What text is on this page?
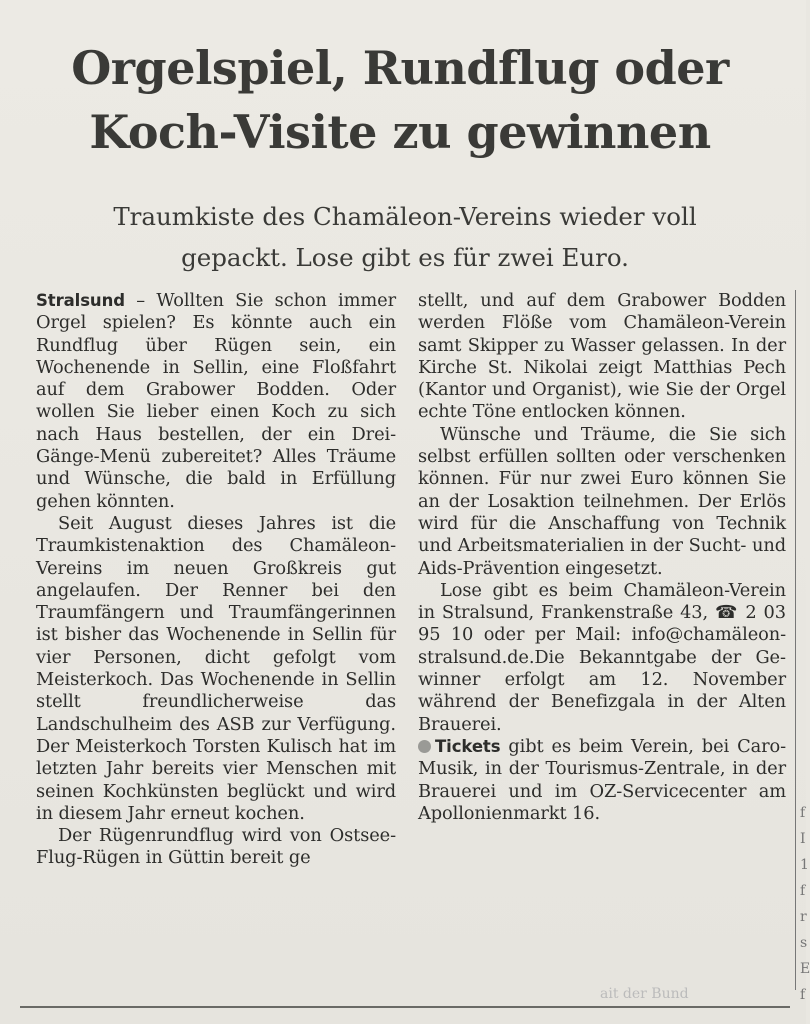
Orgelspiel, Rundflug oder
Koch-Visite zu gewinnen

Traumkiste des Chamäleon-Vereins wieder voll
gepackt. Lose gibt es für zwei Euro.

Stralsund – Wollten Sie schon immer Orgel spielen? Es könnte auch ein Rundflug über Rügen sein, ein Wochenende in Sellin, eine Floßfahrt auf dem Grabower Bodden. Oder wollen Sie lieber einen Koch zu sich nach Haus bestellen, der ein Drei- Gänge-Menü zubereitet? Alles Träume und Wünsche, die bald in Erfüllung gehen könnten.

Seit August dieses Jahres ist die Traumkistenaktion des Chamäleon-Vereins im neuen Großkreis gut angelaufen. Der Renner bei den Traumfängern und Traumfängerinnen ist bisher das Wochenende in Sellin für vier Personen, dicht gefolgt vom Meisterkoch. Das Wochenende in Sellin stellt freundlicherweise das Landschulheim des ASB zur Verfügung. Der Meisterkoch Torsten Kulisch hat im letzten Jahr bereits vier Menschen mit seinen Kochkünsten beglückt und wird in diesem Jahr erneut kochen.

Der Rügenrundflug wird von Ostsee-Flug-Rügen in Güttin bereit ge

stellt, und auf dem Grabower Bodden werden Flöße vom Chamäleon-Verein samt Skipper zu Wasser gelassen. In der Kirche St. Nikolai zeigt Matthias Pech (Kantor und Organist), wie Sie der Orgel echte Töne entlocken können.

Wünsche und Träume, die Sie sich selbst erfüllen sollten oder verschenken können. Für nur zwei Euro können Sie an der Losaktion teilnehmen. Der Erlös wird für die Anschaffung von Technik und Arbeitsmaterialien in der Sucht- und Aids-Prävention eingesetzt.

Lose gibt es beim Chamäleon-Verein in Stralsund, Frankenstraße 43, ☎ 2 03 95 10 oder per Mail: info@chamäleon-stralsund.de.Die Bekanntgabe der Gewinner erfolgt am 12. November während der Benefizgala in der Alten Brauerei.

Tickets gibt es beim Verein, bei Caro-Musik, in der Tourismus-Zentrale, in der Brauerei und im OZ-Servicecenter am Apollonienmarkt 16.	f
I
1
f
r
s
E
f
ait der Bund
